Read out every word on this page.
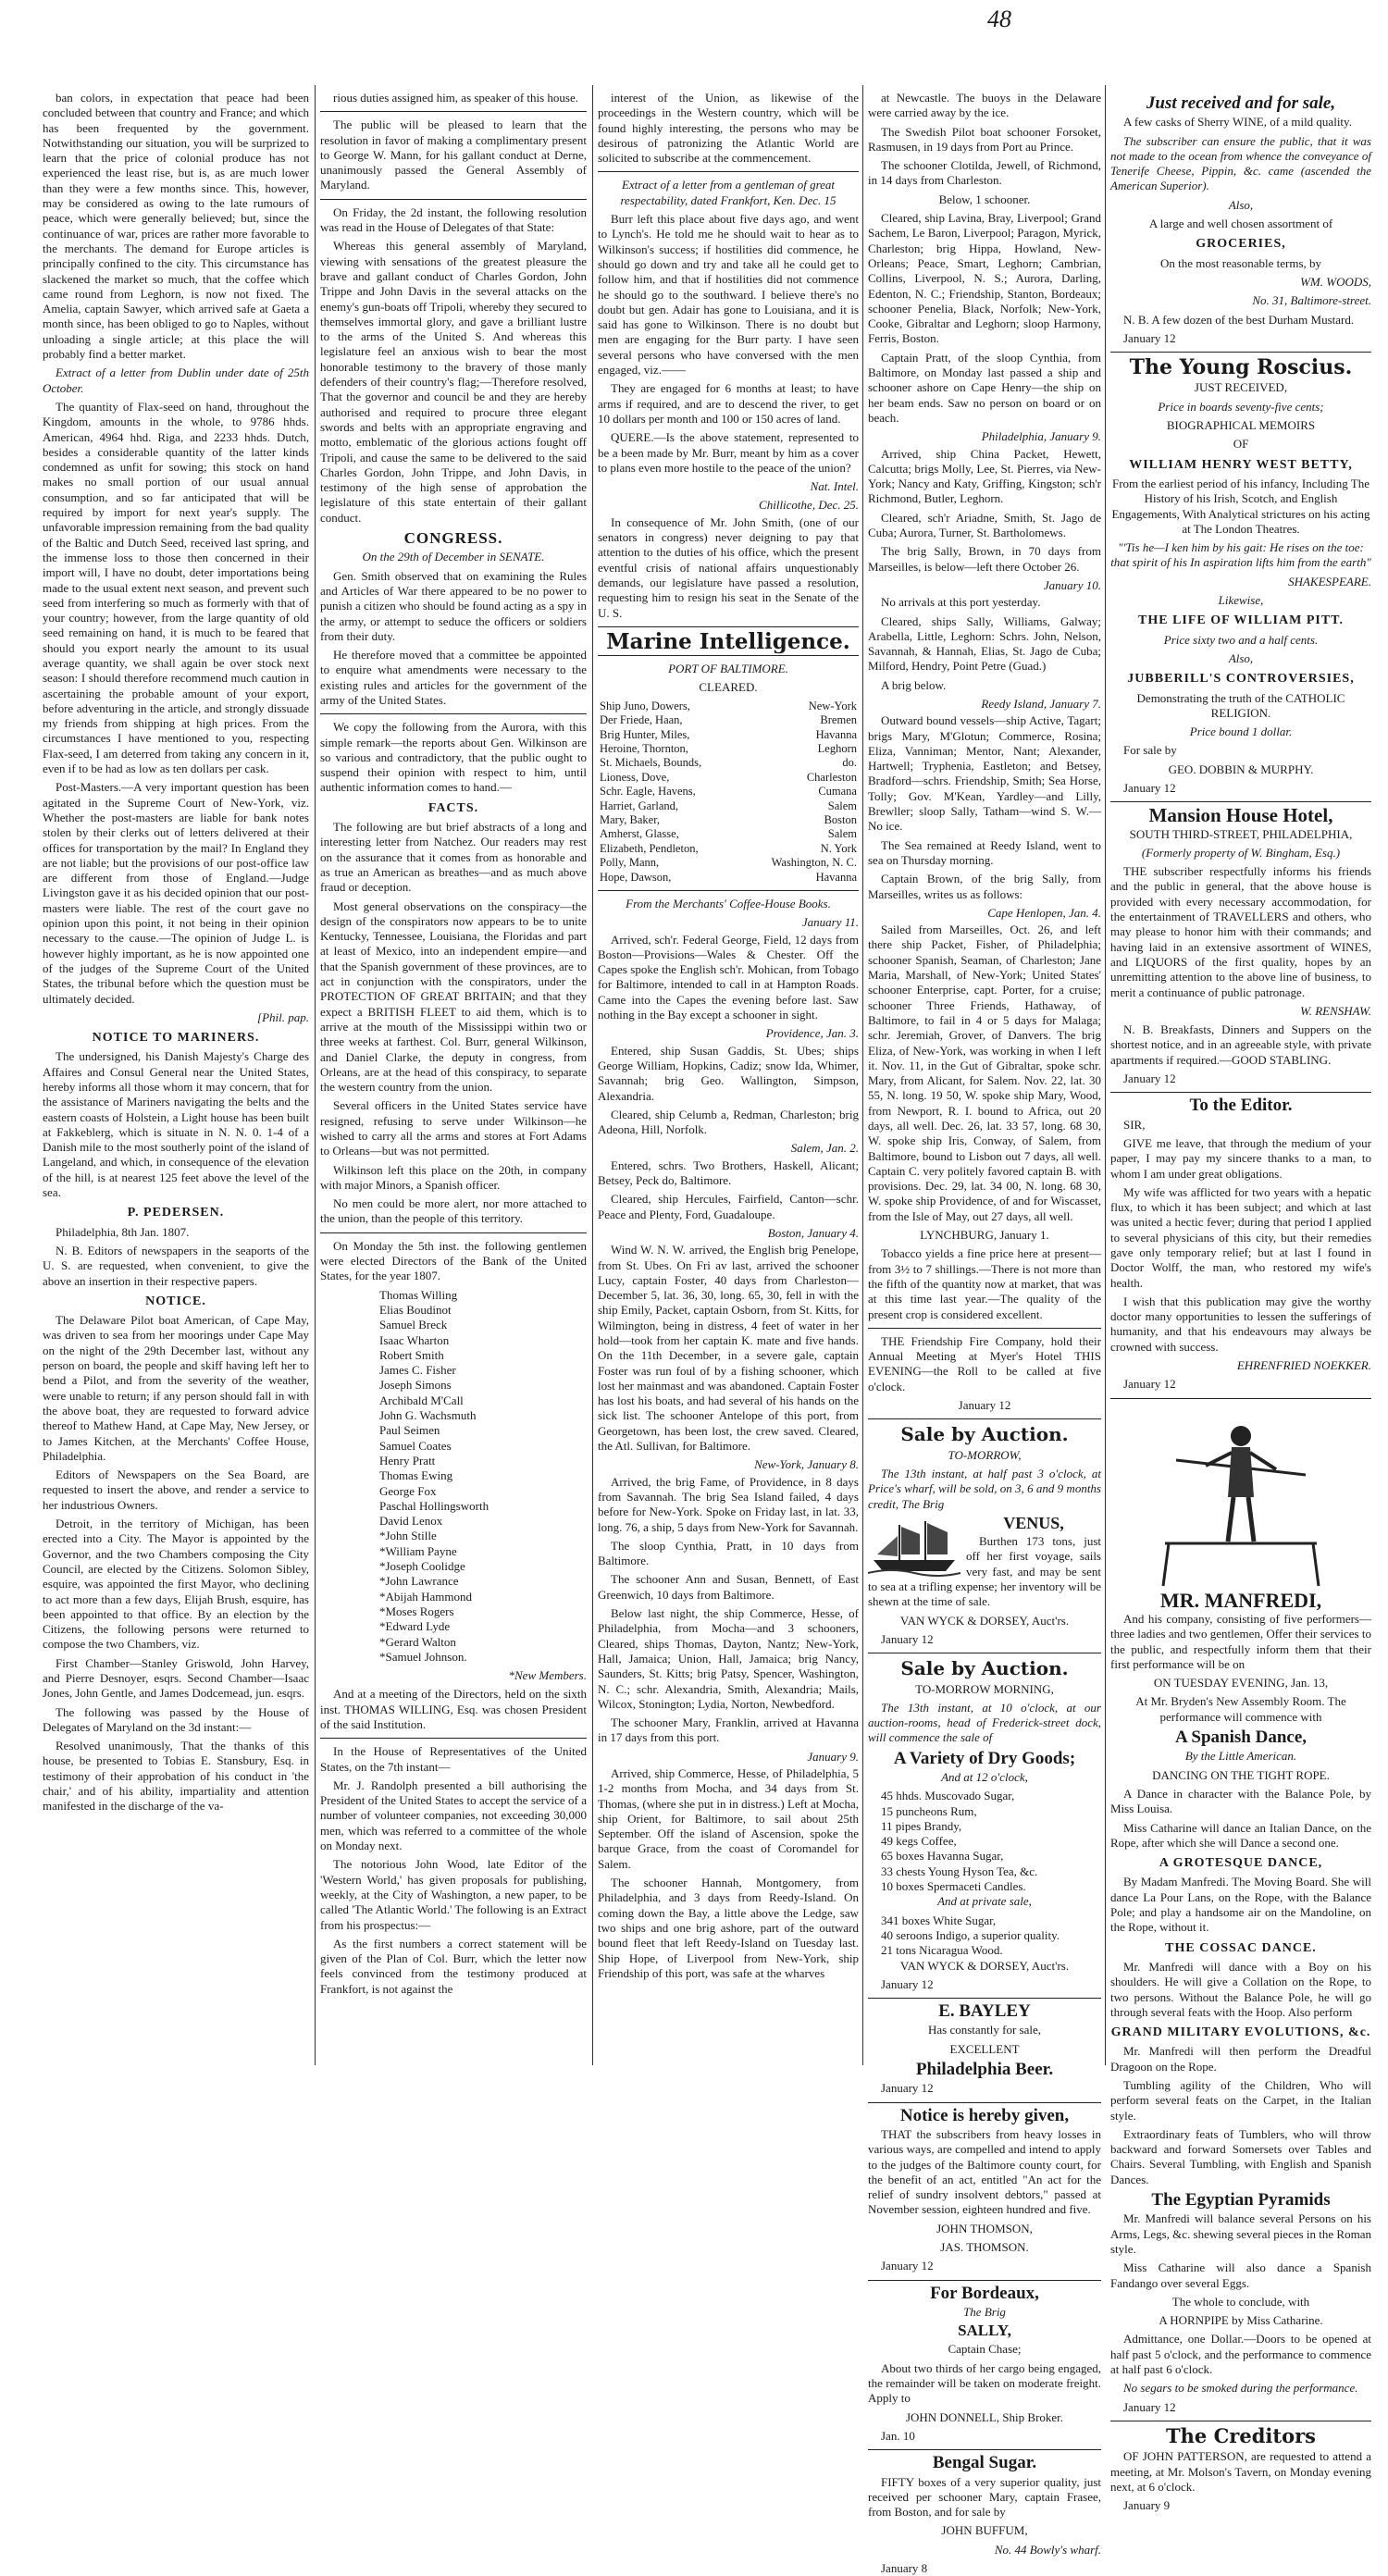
48

ban colors, in expectation that peace had been concluded between that country and France; and which has been frequented by the government. Notwithstanding our situation, you will be surprized to learn that the price of colonial produce has not experienced the least rise, but is, as are much lower than they were a few months since. This, however, may be considered as owing to the late rumours of peace, which were generally believed; but, since the continuance of war, prices are rather more favorable to the merchants. The demand for Europe articles is principally confined to the city. This circumstance has slackened the market so much, that the coffee which came round from Leghorn, is now not fixed. The Amelia, captain Sawyer, which arrived safe at Gaeta a month since, has been obliged to go to Naples, without unloading a single article; at this place the will probably find a better market.

Extract of a letter from Dublin under date of 25th October.

The quantity of Flax-seed on hand, throughout the Kingdom, amounts in the whole, to 9786 hhds. American, 4964 hhd. Riga, and 2233 hhds. Dutch, besides a considerable quantity of the latter kinds condemned as unfit for sowing; this stock on hand makes no small portion of our usual annual consumption, and so far anticipated that will be required by import for next year's supply. The unfavorable impression remaining from the bad quality of the Baltic and Dutch Seed, received last spring, and the immense loss to those then concerned in their import will, I have no doubt, deter importations being made to the usual extent next season, and prevent such seed from interfering so much as formerly with that of your country; however, from the large quantity of old seed remaining on hand, it is much to be feared that should you export nearly the amount to its usual average quantity, we shall again be over stock next season: I should therefore recommend much caution in ascertaining the probable amount of your export, before adventuring in the article, and strongly dissuade my friends from shipping at high prices. From the circumstances I have mentioned to you, respecting Flax-seed, I am deterred from taking any concern in it, even if to be had as low as ten dollars per cask.

Post-Masters.—A very important question has been agitated in the Supreme Court of New-York, viz. Whether the post-masters are liable for bank notes stolen by their clerks out of letters delivered at their offices for transportation by the mail? In England they are not liable; but the provisions of our post-office law are different from those of England.—Judge Livingston gave it as his decided opinion that our post-masters were liable. The rest of the court gave no opinion upon this point, it not being in their opinion necessary to the cause.—The opinion of Judge L. is however highly important, as he is now appointed one of the judges of the Supreme Court of the United States, the tribunal before which the question must be ultimately decided.

[Phil. pap.

NOTICE TO MARINERS.

The undersigned, his Danish Majesty's Charge des Affaires and Consul General near the United States, hereby informs all those whom it may concern, that for the assistance of Mariners navigating the belts and the eastern coasts of Holstein, a Light house has been built at Fakkeblerg, which is situate in N. N. 0. 1-4 of a Danish mile to the most southerly point of the island of Langeland, and which, in consequence of the elevation of the hill, is at nearest 125 feet above the level of the sea.

P. PEDERSEN.

Philadelphia, 8th Jan. 1807.

N. B. Editors of newspapers in the seaports of the U. S. are requested, when convenient, to give the above an insertion in their respective papers.

NOTICE.

The Delaware Pilot boat American, of Cape May, was driven to sea from her moorings under Cape May on the night of the 29th December last, without any person on board, the people and skiff having left her to bend a Pilot, and from the severity of the weather, were unable to return; if any person should fall in with the above boat, they are requested to forward advice thereof to Mathew Hand, at Cape May, New Jersey, or to James Kitchen, at the Merchants' Coffee House, Philadelphia.

Editors of Newspapers on the Sea Board, are requested to insert the above, and render a service to her industrious Owners.

Detroit, in the territory of Michigan, has been erected into a City. The Mayor is appointed by the Governor, and the two Chambers composing the City Council, are elected by the Citizens. Solomon Sibley, esquire, was appointed the first Mayor, who declining to act more than a few days, Elijah Brush, esquire, has been appointed to that office. By an election by the Citizens, the following persons were returned to compose the two Chambers, viz.

First Chamber—Stanley Griswold, John Harvey, and Pierre Desnoyer, esqrs. Second Chamber—Isaac Jones, John Gentle, and James Dodcemead, jun. esqrs.

The following was passed by the House of Delegates of Maryland on the 3d instant:—

Resolved unanimously, That the thanks of this house, be presented to Tobias E. Stansbury, Esq. in testimony of their approbation of his conduct in 'the chair,' and of his ability, impartiality and attention manifested in the discharge of the va-

rious duties assigned him, as speaker of this house.

The public will be pleased to learn that the resolution in favor of making a complimentary present to George W. Mann, for his gallant conduct at Derne, unanimously passed the General Assembly of Maryland.

On Friday, the 2d instant, the following resolution was read in the House of Delegates of that State:

Whereas this general assembly of Maryland, viewing with sensations of the greatest pleasure the brave and gallant conduct of Charles Gordon, John Trippe and John Davis in the several attacks on the enemy's gun-boats off Tripoli, whereby they secured to themselves immortal glory, and gave a brilliant lustre to the arms of the United S. And whereas this legislature feel an anxious wish to bear the most honorable testimony to the bravery of those manly defenders of their country's flag;—Therefore resolved, That the governor and council be and they are hereby authorised and required to procure three elegant swords and belts with an appropriate engraving and motto, emblematic of the glorious actions fought off Tripoli, and cause the same to be delivered to the said Charles Gordon, John Trippe, and John Davis, in testimony of the high sense of approbation the legislature of this state entertain of their gallant conduct.

CONGRESS.

On the 29th of December in SENATE.

Gen. Smith observed that on examining the Rules and Articles of War there appeared to be no power to punish a citizen who should be found acting as a spy in the army, or attempt to seduce the officers or soldiers from their duty.

He therefore moved that a committee be appointed to enquire what amendments were necessary to the existing rules and articles for the government of the army of the United States.

We copy the following from the Aurora, with this simple remark—the reports about Gen. Wilkinson are so various and contradictory, that the public ought to suspend their opinion with respect to him, until authentic information comes to hand.—

FACTS.

The following are but brief abstracts of a long and interesting letter from Natchez. Our readers may rest on the assurance that it comes from as honorable and as true an American as breathes—and as much above fraud or deception.

Most general observations on the conspiracy—the design of the conspirators now appears to be to unite Kentucky, Tennessee, Louisiana, the Floridas and part at least of Mexico, into an independent empire—and that the Spanish government of these provinces, are to act in conjunction with the conspirators, under the PROTECTION OF GREAT BRITAIN; and that they expect a BRITISH FLEET to aid them, which is to arrive at the mouth of the Mississippi within two or three weeks at farthest. Col. Burr, general Wilkinson, and Daniel Clarke, the deputy in congress, from Orleans, are at the head of this conspiracy, to separate the western country from the union.

Several officers in the United States service have resigned, refusing to serve under Wilkinson—he wished to carry all the arms and stores at Fort Adams to Orleans—but was not permitted.

Wilkinson left this place on the 20th, in company with major Minors, a Spanish officer.

No men could be more alert, nor more attached to the union, than the people of this territory.

On Monday the 5th inst. the following gentlemen were elected Directors of the Bank of the United States, for the year 1807.

Thomas Willing
Elias Boudinot
Samuel Breck
Isaac Wharton
Robert Smith
James C. Fisher
Joseph Simons
Archibald M'Call
John G. Wachsmuth
Paul Seimen
Samuel Coates
Henry Pratt
Thomas Ewing
George Fox
Paschal Hollingsworth
David Lenox
*John Stille
*William Payne
*Joseph Coolidge
*John Lawrance
*Abijah Hammond
*Moses Rogers
*Edward Lyde
*Gerard Walton
*Samuel Johnson.

*New Members.

And at a meeting of the Directors, held on the sixth inst. THOMAS WILLING, Esq. was chosen President of the said Institution.

In the House of Representatives of the United States, on the 7th instant—

Mr. J. Randolph presented a bill authorising the President of the United States to accept the service of a number of volunteer companies, not exceeding 30,000 men, which was referred to a committee of the whole on Monday next.

The notorious John Wood, late Editor of the 'Western World,' has given proposals for publishing, weekly, at the City of Washington, a new paper, to be called 'The Atlantic World.' The following is an Extract from his prospectus:—

As the first numbers a correct statement will be given of the Plan of Col. Burr, which the letter now feels convinced from the testimony produced at Frankfort, is not against the

interest of the Union, as likewise of the proceedings in the Western country, which will be found highly interesting, the persons who may be desirous of patronizing the Atlantic World are solicited to subscribe at the commencement.

Extract of a letter from a gentleman of great respectability, dated Frankfort, Ken. Dec. 15

Burr left this place about five days ago, and went to Lynch's. He told me he should wait to hear as to Wilkinson's success; if hostilities did commence, he should go down and try and take all he could get to follow him, and that if hostilities did not commence he should go to the southward. I believe there's no doubt but gen. Adair has gone to Louisiana, and it is said has gone to Wilkinson. There is no doubt but men are engaging for the Burr party. I have seen several persons who have conversed with the men engaged, viz.——

They are engaged for 6 months at least; to have arms if required, and are to descend the river, to get 10 dollars per month and 100 or 150 acres of land.

QUERE.—Is the above statement, represented to be a been made by Mr. Burr, meant by him as a cover to plans even more hostile to the peace of the union?

Nat. Intel.

Chillicothe, Dec. 25.

In consequence of Mr. John Smith, (one of our senators in congress) never deigning to pay that attention to the duties of his office, which the present eventful crisis of national affairs unquestionably demands, our legislature have passed a resolution, requesting him to resign his seat in the Senate of the U. S.

Marine Intelligence.

PORT OF BALTIMORE.

CLEARED.

Ship Juno, Dowers,	New-York
Der Friede, Haan,	Bremen
Brig Hunter, Miles,	Havanna
Heroine, Thornton,	Leghorn
St. Michaels, Bounds,	do.
Lioness, Dove,	Charleston
Schr. Eagle, Havens,	Cumana
Harriet, Garland,	Salem
Mary, Baker,	Boston
Amherst, Glasse,	Salem
Elizabeth, Pendleton,	N. York
Polly, Mann,	Washington, N. C.
Hope, Dawson,	Havanna

From the Merchants' Coffee-House Books.

January 11.

Arrived, sch'r. Federal George, Field, 12 days from Boston—Provisions—Wales & Chester. Off the Capes spoke the English sch'r. Mohican, from Tobago for Baltimore, intended to call in at Hampton Roads. Came into the Capes the evening before last. Saw nothing in the Bay except a schooner in sight.

Providence, Jan. 3.

Entered, ship Susan Gaddis, St. Ubes; ships George William, Hopkins, Cadiz; snow Ida, Whimer, Savannah; brig Geo. Wallington, Simpson, Alexandria.

Cleared, ship Celumb a, Redman, Charleston; brig Adeona, Hill, Norfolk.

Salem, Jan. 2.

Entered, schrs. Two Brothers, Haskell, Alicant; Betsey, Peck do, Baltimore.

Cleared, ship Hercules, Fairfield, Canton—schr. Peace and Plenty, Ford, Guadaloupe.

Boston, January 4.

Wind W. N. W. arrived, the English brig Penelope, from St. Ubes. On Fri av last, arrived the schooner Lucy, captain Foster, 40 days from Charleston—December 5, lat. 36, 30, long. 65, 30, fell in with the ship Emily, Packet, captain Osborn, from St. Kitts, for Wilmington, being in distress, 4 feet of water in her hold—took from her captain K. mate and five hands. On the 11th December, in a severe gale, captain Foster was run foul of by a fishing schooner, which lost her mainmast and was abandoned. Captain Foster has lost his boats, and had several of his hands on the sick list. The schooner Antelope of this port, from Georgetown, has been lost, the crew saved. Cleared, the Atl. Sullivan, for Baltimore.

New-York, January 8.

Arrived, the brig Fame, of Providence, in 8 days from Savannah. The brig Sea Island failed, 4 days before for New-York. Spoke on Friday last, in lat. 33, long. 76, a ship, 5 days from New-York for Savannah.

The sloop Cynthia, Pratt, in 10 days from Baltimore.

The schooner Ann and Susan, Bennett, of East Greenwich, 10 days from Baltimore.

Below last night, the ship Commerce, Hesse, of Philadelphia, from Mocha—and 3 schooners, Cleared, ships Thomas, Dayton, Nantz; New-York, Hall, Jamaica; Union, Hall, Jamaica; brig Nancy, Saunders, St. Kitts; brig Patsy, Spencer, Washington, N. C.; schr. Alexandria, Smith, Alexandria; Mails, Wilcox, Stonington; Lydia, Norton, Newbedford.

The schooner Mary, Franklin, arrived at Havanna in 17 days from this port.

January 9.

Arrived, ship Commerce, Hesse, of Philadelphia, 5 1-2 months from Mocha, and 34 days from St. Thomas, (where she put in in distress.) Left at Mocha, ship Orient, for Baltimore, to sail about 25th September. Off the island of Ascension, spoke the barque Grace, from the coast of Coromandel for Salem.

The schooner Hannah, Montgomery, from Philadelphia, and 3 days from Reedy-Island. On coming down the Bay, a little above the Ledge, saw two ships and one brig ashore, part of the outward bound fleet that left Reedy-Island on Tuesday last. Ship Hope, of Liverpool from New-York, ship Friendship of this port, was safe at the wharves

at Newcastle. The buoys in the Delaware were carried away by the ice.

The Swedish Pilot boat schooner Forsoket, Rasmusen, in 19 days from Port au Prince.

The schooner Clotilda, Jewell, of Richmond, in 14 days from Charleston.

Below, 1 schooner.

Cleared, ship Lavina, Bray, Liverpool; Grand Sachem, Le Baron, Liverpool; Paragon, Myrick, Charleston; brig Hippa, Howland, New-Orleans; Peace, Smart, Leghorn; Cambrian, Collins, Liverpool, N. S.; Aurora, Darling, Edenton, N. C.; Friendship, Stanton, Bordeaux; schooner Penelia, Black, Norfolk; New-York, Cooke, Gibraltar and Leghorn; sloop Harmony, Ferris, Boston.

Captain Pratt, of the sloop Cynthia, from Baltimore, on Monday last passed a ship and schooner ashore on Cape Henry—the ship on her beam ends. Saw no person on board or on beach.

Philadelphia, January 9.

Arrived, ship China Packet, Hewett, Calcutta; brigs Molly, Lee, St. Pierres, via New-York; Nancy and Katy, Griffing, Kingston; sch'r Richmond, Butler, Leghorn.

Cleared, sch'r Ariadne, Smith, St. Jago de Cuba; Aurora, Turner, St. Bartholomews.

The brig Sally, Brown, in 70 days from Marseilles, is below—left there October 26.

January 10.

No arrivals at this port yesterday.

Cleared, ships Sally, Williams, Galway; Arabella, Little, Leghorn: Schrs. John, Nelson, Savannah, & Hannah, Elias, St. Jago de Cuba; Milford, Hendry, Point Petre (Guad.)

A brig below.

Reedy Island, January 7.

Outward bound vessels—ship Active, Tagart; brigs Mary, M'Glotun; Commerce, Rosina; Eliza, Vanniman; Mentor, Nant; Alexander, Hartwell; Tryphenia, Eastleton; and Betsey, Bradford—schrs. Friendship, Smith; Sea Horse, Tolly; Gov. M'Kean, Yardley—and Lilly, Brewller; sloop Sally, Tatham—wind S. W.—No ice.

The Sea remained at Reedy Island, went to sea on Thursday morning.

Captain Brown, of the brig Sally, from Marseilles, writes us as follows:

Cape Henlopen, Jan. 4.

Sailed from Marseilles, Oct. 26, and left there ship Packet, Fisher, of Philadelphia; schooner Spanish, Seaman, of Charleston; Jane Maria, Marshall, of New-York; United States' schooner Enterprise, capt. Porter, for a cruise; schooner Three Friends, Hathaway, of Baltimore, to fail in 4 or 5 days for Malaga; schr. Jeremiah, Grover, of Danvers. The brig Eliza, of New-York, was working in when I left it. Nov. 11, in the Gut of Gibraltar, spoke schr. Mary, from Alicant, for Salem. Nov. 22, lat. 30 55, N. long. 19 50, W. spoke ship Mary, Wood, from Newport, R. I. bound to Africa, out 20 days, all well. Dec. 26, lat. 33 57, long. 68 30, W. spoke ship Iris, Conway, of Salem, from Baltimore, bound to Lisbon out 7 days, all well. Captain C. very politely favored captain B. with provisions. Dec. 29, lat. 34 00, N. long. 68 30, W. spoke ship Providence, of and for Wiscasset, from the Isle of May, out 27 days, all well.

LYNCHBURG, January 1.

Tobacco yields a fine price here at present—from 3½ to 7 shillings.—There is not more than the fifth of the quantity now at market, that was at this time last year.—The quality of the present crop is considered excellent.

THE Friendship Fire Company, hold their Annual Meeting at Myer's Hotel THIS EVENING—the Roll to be called at five o'clock.

January 12

Sale by Auction.

TO-MORROW,

The 13th instant, at half past 3 o'clock, at Price's wharf, will be sold, on 3, 6 and 9 months credit, The Brig

VENUS,

Burthen 173 tons, just off her first voyage, sails very fast, and may be sent to sea at a trifling expense; her inventory will be shewn at the time of sale.

VAN WYCK & DORSEY, Auct'rs.

January 12

Sale by Auction.

TO-MORROW MORNING,

The 13th instant, at 10 o'clock, at our auction-rooms, head of Frederick-street dock, will commence the sale of

A Variety of Dry Goods;

And at 12 o'clock,

45 hhds. Muscovado Sugar,
15 puncheons Rum,
11 pipes Brandy,
49 kegs Coffee,
65 boxes Havanna Sugar,
33 chests Young Hyson Tea, &c.
10 boxes Spermaceti Candles.

And at private sale,

341 boxes White Sugar,
40 seroons Indigo, a superior quality.
21 tons Nicaragua Wood.

VAN WYCK & DORSEY, Auct'rs.

January 12

E. BAYLEY

Has constantly for sale,

EXCELLENT

Philadelphia Beer.

January 12

Notice is hereby given,

THAT the subscribers from heavy losses in various ways, are compelled and intend to apply to the judges of the Baltimore county court, for the benefit of an act, entitled "An act for the relief of sundry insolvent debtors," passed at November session, eighteen hundred and five.

JOHN THOMSON,

JAS. THOMSON.

January 12

For Bordeaux,

The Brig

SALLY,

Captain Chase;

About two thirds of her cargo being engaged, the remainder will be taken on moderate freight. Apply to

JOHN DONNELL, Ship Broker.

Jan. 10

Bengal Sugar.

FIFTY boxes of a very superior quality, just received per schooner Mary, captain Frasee, from Boston, and for sale by

JOHN BUFFUM,

No. 44 Bowly's wharf.

January 8

Just received and for sale,

A few casks of Sherry WINE, of a mild quality.

The subscriber can ensure the public, that it was not made to the ocean from whence the conveyance of Tenerife Cheese, Pippin, &c. came (ascended the American Superior).

Also,

A large and well chosen assortment of

GROCERIES,

On the most reasonable terms, by

WM. WOODS,

No. 31, Baltimore-street.

N. B. A few dozen of the best Durham Mustard.

January 12

The Young Roscius.

JUST RECEIVED,

Price in boards seventy-five cents;

BIOGRAPHICAL MEMOIRS

OF

WILLIAM HENRY WEST BETTY,

From the earliest period of his infancy, Including The History of his Irish, Scotch, and English Engagements, With Analytical strictures on his acting at The London Theatres.

"'Tis he—I ken him by his gait: He rises on the toe: that spirit of his In aspiration lifts him from the earth"

SHAKESPEARE.

Likewise,

THE LIFE OF WILLIAM PITT.

Price sixty two and a half cents.

Also,

JUBBERILL'S CONTROVERSIES,

Demonstrating the truth of the CATHOLIC RELIGION.

Price bound 1 dollar.

For sale by

GEO. DOBBIN & MURPHY.

January 12

Mansion House Hotel,

SOUTH THIRD-STREET, PHILADELPHIA,

(Formerly property of W. Bingham, Esq.)

THE subscriber respectfully informs his friends and the public in general, that the above house is provided with every necessary accommodation, for the entertainment of TRAVELLERS and others, who may please to honor him with their commands; and having laid in an extensive assortment of WINES, and LIQUORS of the first quality, hopes by an unremitting attention to the above line of business, to merit a continuance of public patronage.

W. RENSHAW.

N. B. Breakfasts, Dinners and Suppers on the shortest notice, and in an agreeable style, with private apartments if required.—GOOD STABLING.

January 12

To the Editor.

SIR,

GIVE me leave, that through the medium of your paper, I may pay my sincere thanks to a man, to whom I am under great obligations.

My wife was afflicted for two years with a hepatic flux, to which it has been subject; and which at last was united a hectic fever; during that period I applied to several physicians of this city, but their remedies gave only temporary relief; but at last I found in Doctor Wolff, the man, who restored my wife's health.

I wish that this publication may give the worthy doctor many opportunities to lessen the sufferings of humanity, and that his endeavours may always be crowned with success.

EHRENFRIED NOEKKER.

January 12

MR. MANFREDI,

And his company, consisting of five performers—three ladies and two gentlemen, Offer their services to the public, and respectfully inform them that their first performance will be on

ON TUESDAY EVENING, Jan. 13,

At Mr. Bryden's New Assembly Room. The performance will commence with

A Spanish Dance,

By the Little American.

DANCING ON THE TIGHT ROPE.

A Dance in character with the Balance Pole, by Miss Louisa.

Miss Catharine will dance an Italian Dance, on the Rope, after which she will Dance a second one.

A GROTESQUE DANCE,

By Madam Manfredi. The Moving Board. She will dance La Pour Lans, on the Rope, with the Balance Pole; and play a handsome air on the Mandoline, on the Rope, without it.

THE COSSAC DANCE.

Mr. Manfredi will dance with a Boy on his shoulders. He will give a Collation on the Rope, to two persons. Without the Balance Pole, he will go through several feats with the Hoop. Also perform

GRAND MILITARY EVOLUTIONS, &c.

Mr. Manfredi will then perform the Dreadful Dragoon on the Rope.

Tumbling agility of the Children, Who will perform several feats on the Carpet, in the Italian style.

Extraordinary feats of Tumblers, who will throw backward and forward Somersets over Tables and Chairs. Several Tumbling, with English and Spanish Dances.

The Egyptian Pyramids

Mr. Manfredi will balance several Persons on his Arms, Legs, &c. shewing several pieces in the Roman style.

Miss Catharine will also dance a Spanish Fandango over several Eggs.

The whole to conclude, with

A HORNPIPE by Miss Catharine.

Admittance, one Dollar.—Doors to be opened at half past 5 o'clock, and the performance to commence at half past 6 o'clock.

No segars to be smoked during the performance.

January 12

The Creditors

OF JOHN PATTERSON, are requested to attend a meeting, at Mr. Molson's Tavern, on Monday evening next, at 6 o'clock.

January 9
